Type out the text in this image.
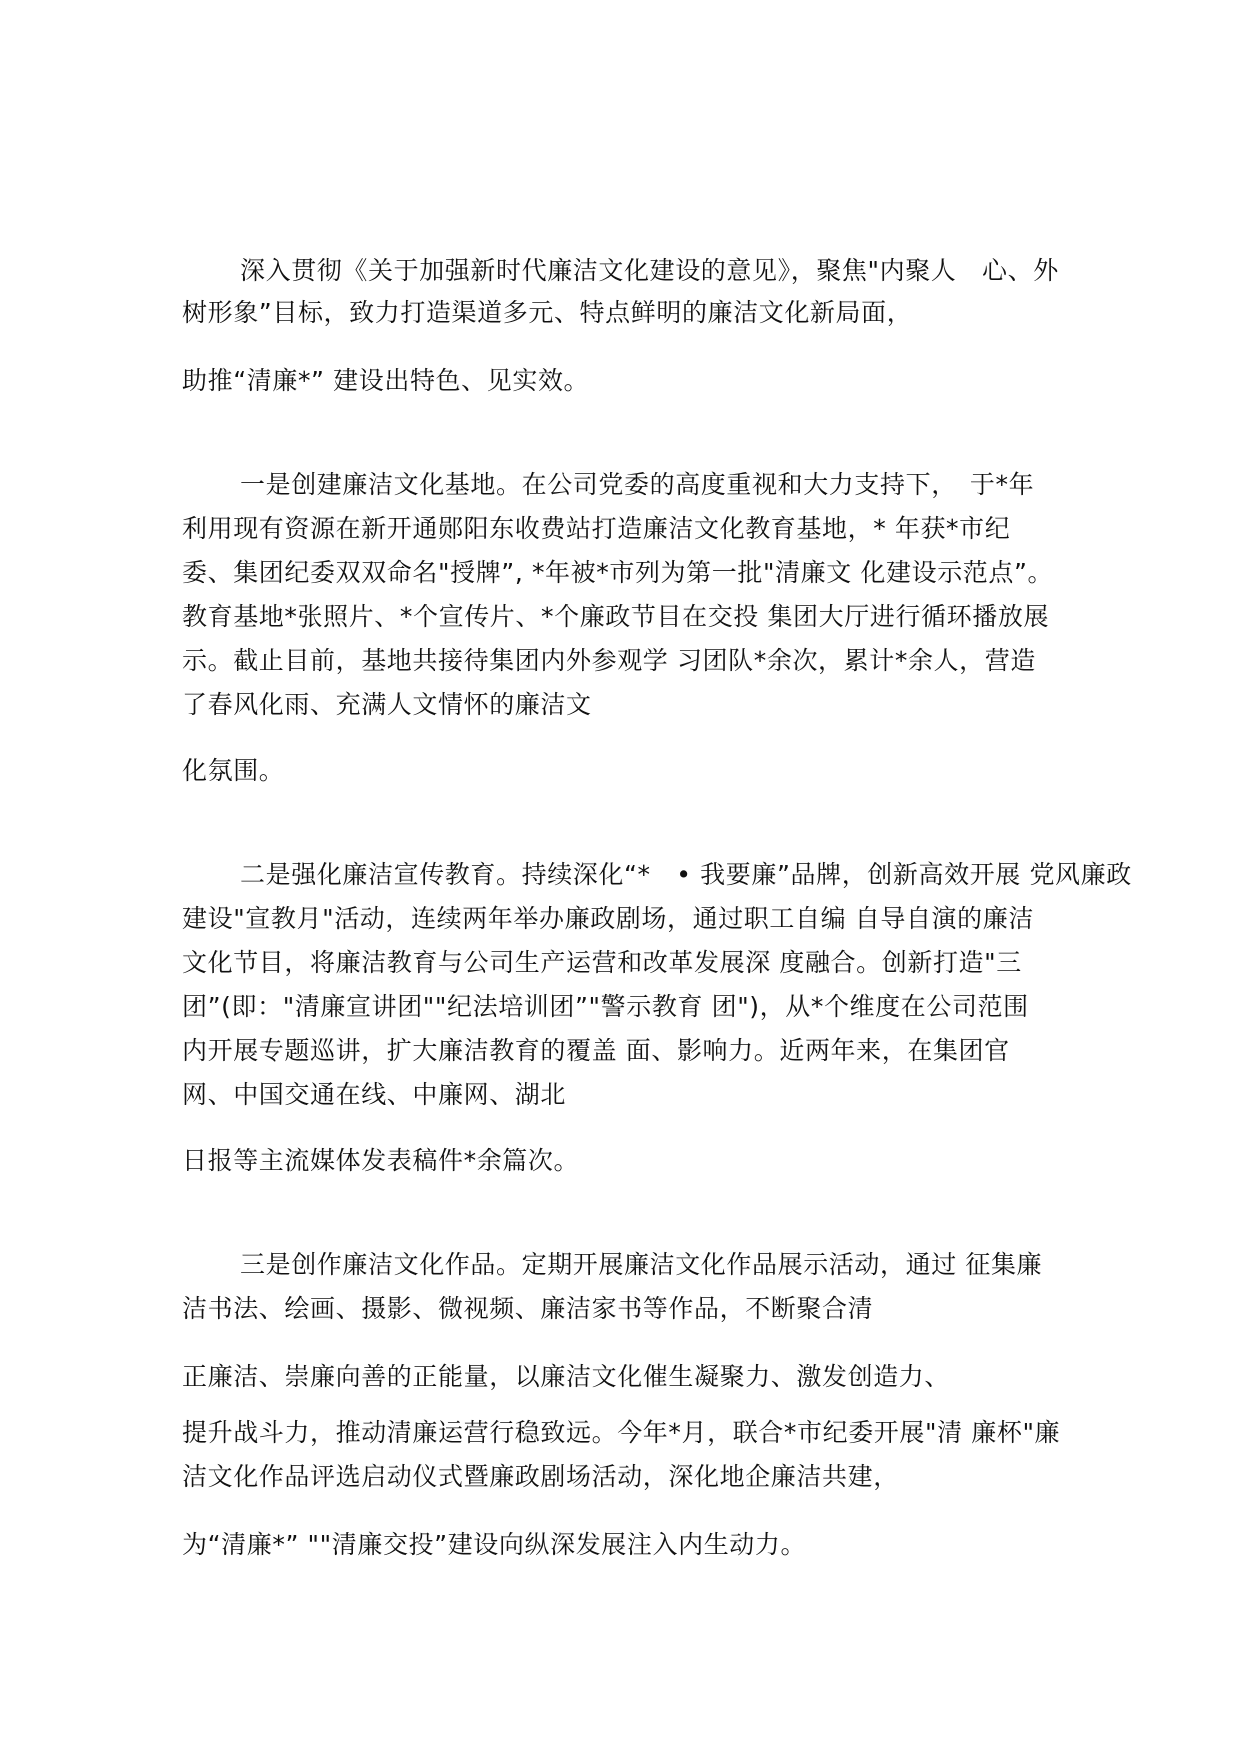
深入贯彻《关于加强新时代廉洁文化建设的意见》，聚焦"内聚人　心、外
树形象”目标，致力打造渠道多元、特点鲜明的廉洁文化新局面，
助推“清廉*” 建设出特色、见实效。
一是创建廉洁文化基地。在公司党委的高度重视和大力支持下，　于*年
利用现有资源在新开通郧阳东收费站打造廉洁文化教育基地，* 年获*市纪
委、集团纪委双双命名"授牌”, *年被*市列为第一批"清廉文 化建设示范点”。
教育基地*张照片、*个宣传片、*个廉政节目在交投 集团大厅进行循环播放展
示。截止目前，基地共接待集团内外参观学 习团队*余次，累计*余人，营造
了春风化雨、充满人文情怀的廉洁文
化氛围。
二是强化廉洁宣传教育。持续深化“*　• 我要廉”品牌，创新高效开展 党风廉政
建设"宣教月"活动，连续两年举办廉政剧场，通过职工自编 自导自演的廉洁
文化节目，将廉洁教育与公司生产运营和改革发展深 度融合。创新打造"三
团”(即："清廉宣讲团""纪法培训团”"警示教育 团")，从*个维度在公司范围
内开展专题巡讲，扩大廉洁教育的覆盖 面、影响力。近两年来，在集团官
网、中国交通在线、中廉网、湖北
日报等主流媒体发表稿件*余篇次。
三是创作廉洁文化作品。定期开展廉洁文化作品展示活动，通过 征集廉
洁书法、绘画、摄影、微视频、廉洁家书等作品，不断聚合清
正廉洁、崇廉向善的正能量，以廉洁文化催生凝聚力、激发创造力、
提升战斗力，推动清廉运营行稳致远。今年*月，联合*市纪委开展"清 廉杯"廉
洁文化作品评选启动仪式暨廉政剧场活动，深化地企廉洁共建，
为“清廉*” ""清廉交投”建设向纵深发展注入内生动力。
